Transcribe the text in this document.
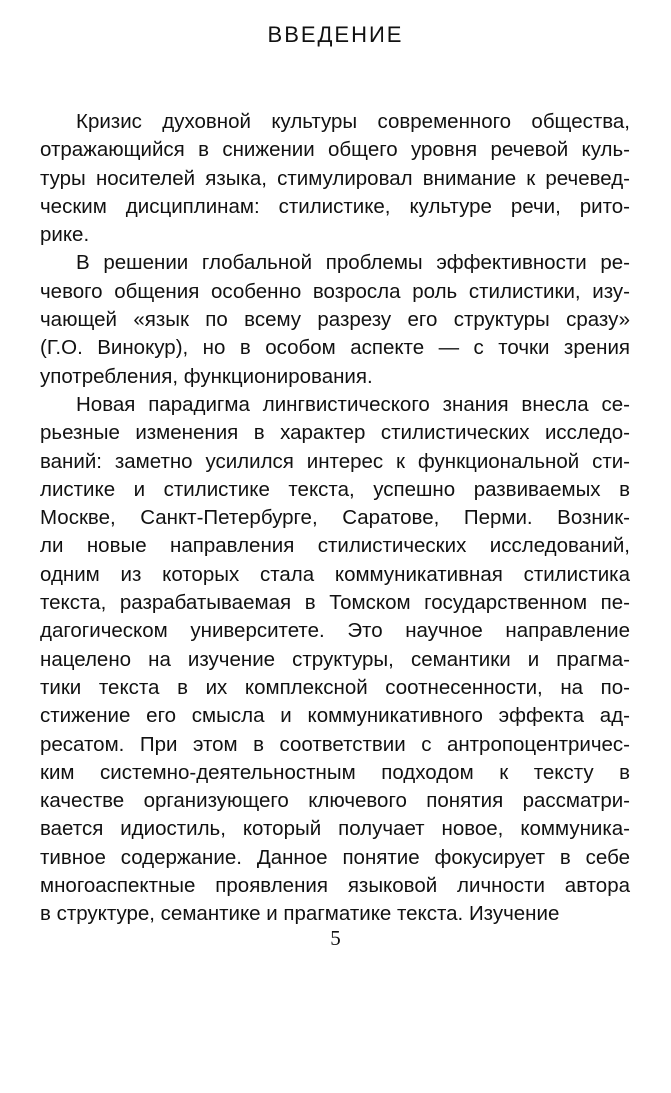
ВВЕДЕНИЕ
Кризис духовной культуры современного общества,
отражающийся в снижении общего уровня речевой куль-
туры носителей языка, стимулировал внимание к речевед-
ческим дисциплинам: стилистике, культуре речи, рито-
рике.
В решении глобальной проблемы эффективности ре-
чевого общения особенно возросла роль стилистики, изу-
чающей «язык по всему разрезу его структуры сразу»
(Г.О. Винокур), но в особом аспекте — с точки зрения
употребления, функционирования.
Новая парадигма лингвистического знания внесла се-
рьезные изменения в характер стилистических исследо-
ваний: заметно усилился интерес к функциональной сти-
листике и стилистике текста, успешно развиваемых в
Москве, Санкт-Петербурге, Саратове, Перми. Возник-
ли новые направления стилистических исследований,
одним из которых стала коммуникативная стилистика
текста, разрабатываемая в Томском государственном пе-
дагогическом университете. Это научное направление
нацелено на изучение структуры, семантики и прагма-
тики текста в их комплексной соотнесенности, на по-
стижение его смысла и коммуникативного эффекта ад-
ресатом. При этом в соответствии с антропоцентричес-
ким системно-деятельностным подходом к тексту в
качестве организующего ключевого понятия рассматри-
вается идиостиль, который получает новое, коммуника-
тивное содержание. Данное понятие фокусирует в себе
многоаспектные проявления языковой личности автора
в структуре, семантике и прагматике текста. Изучение
5
